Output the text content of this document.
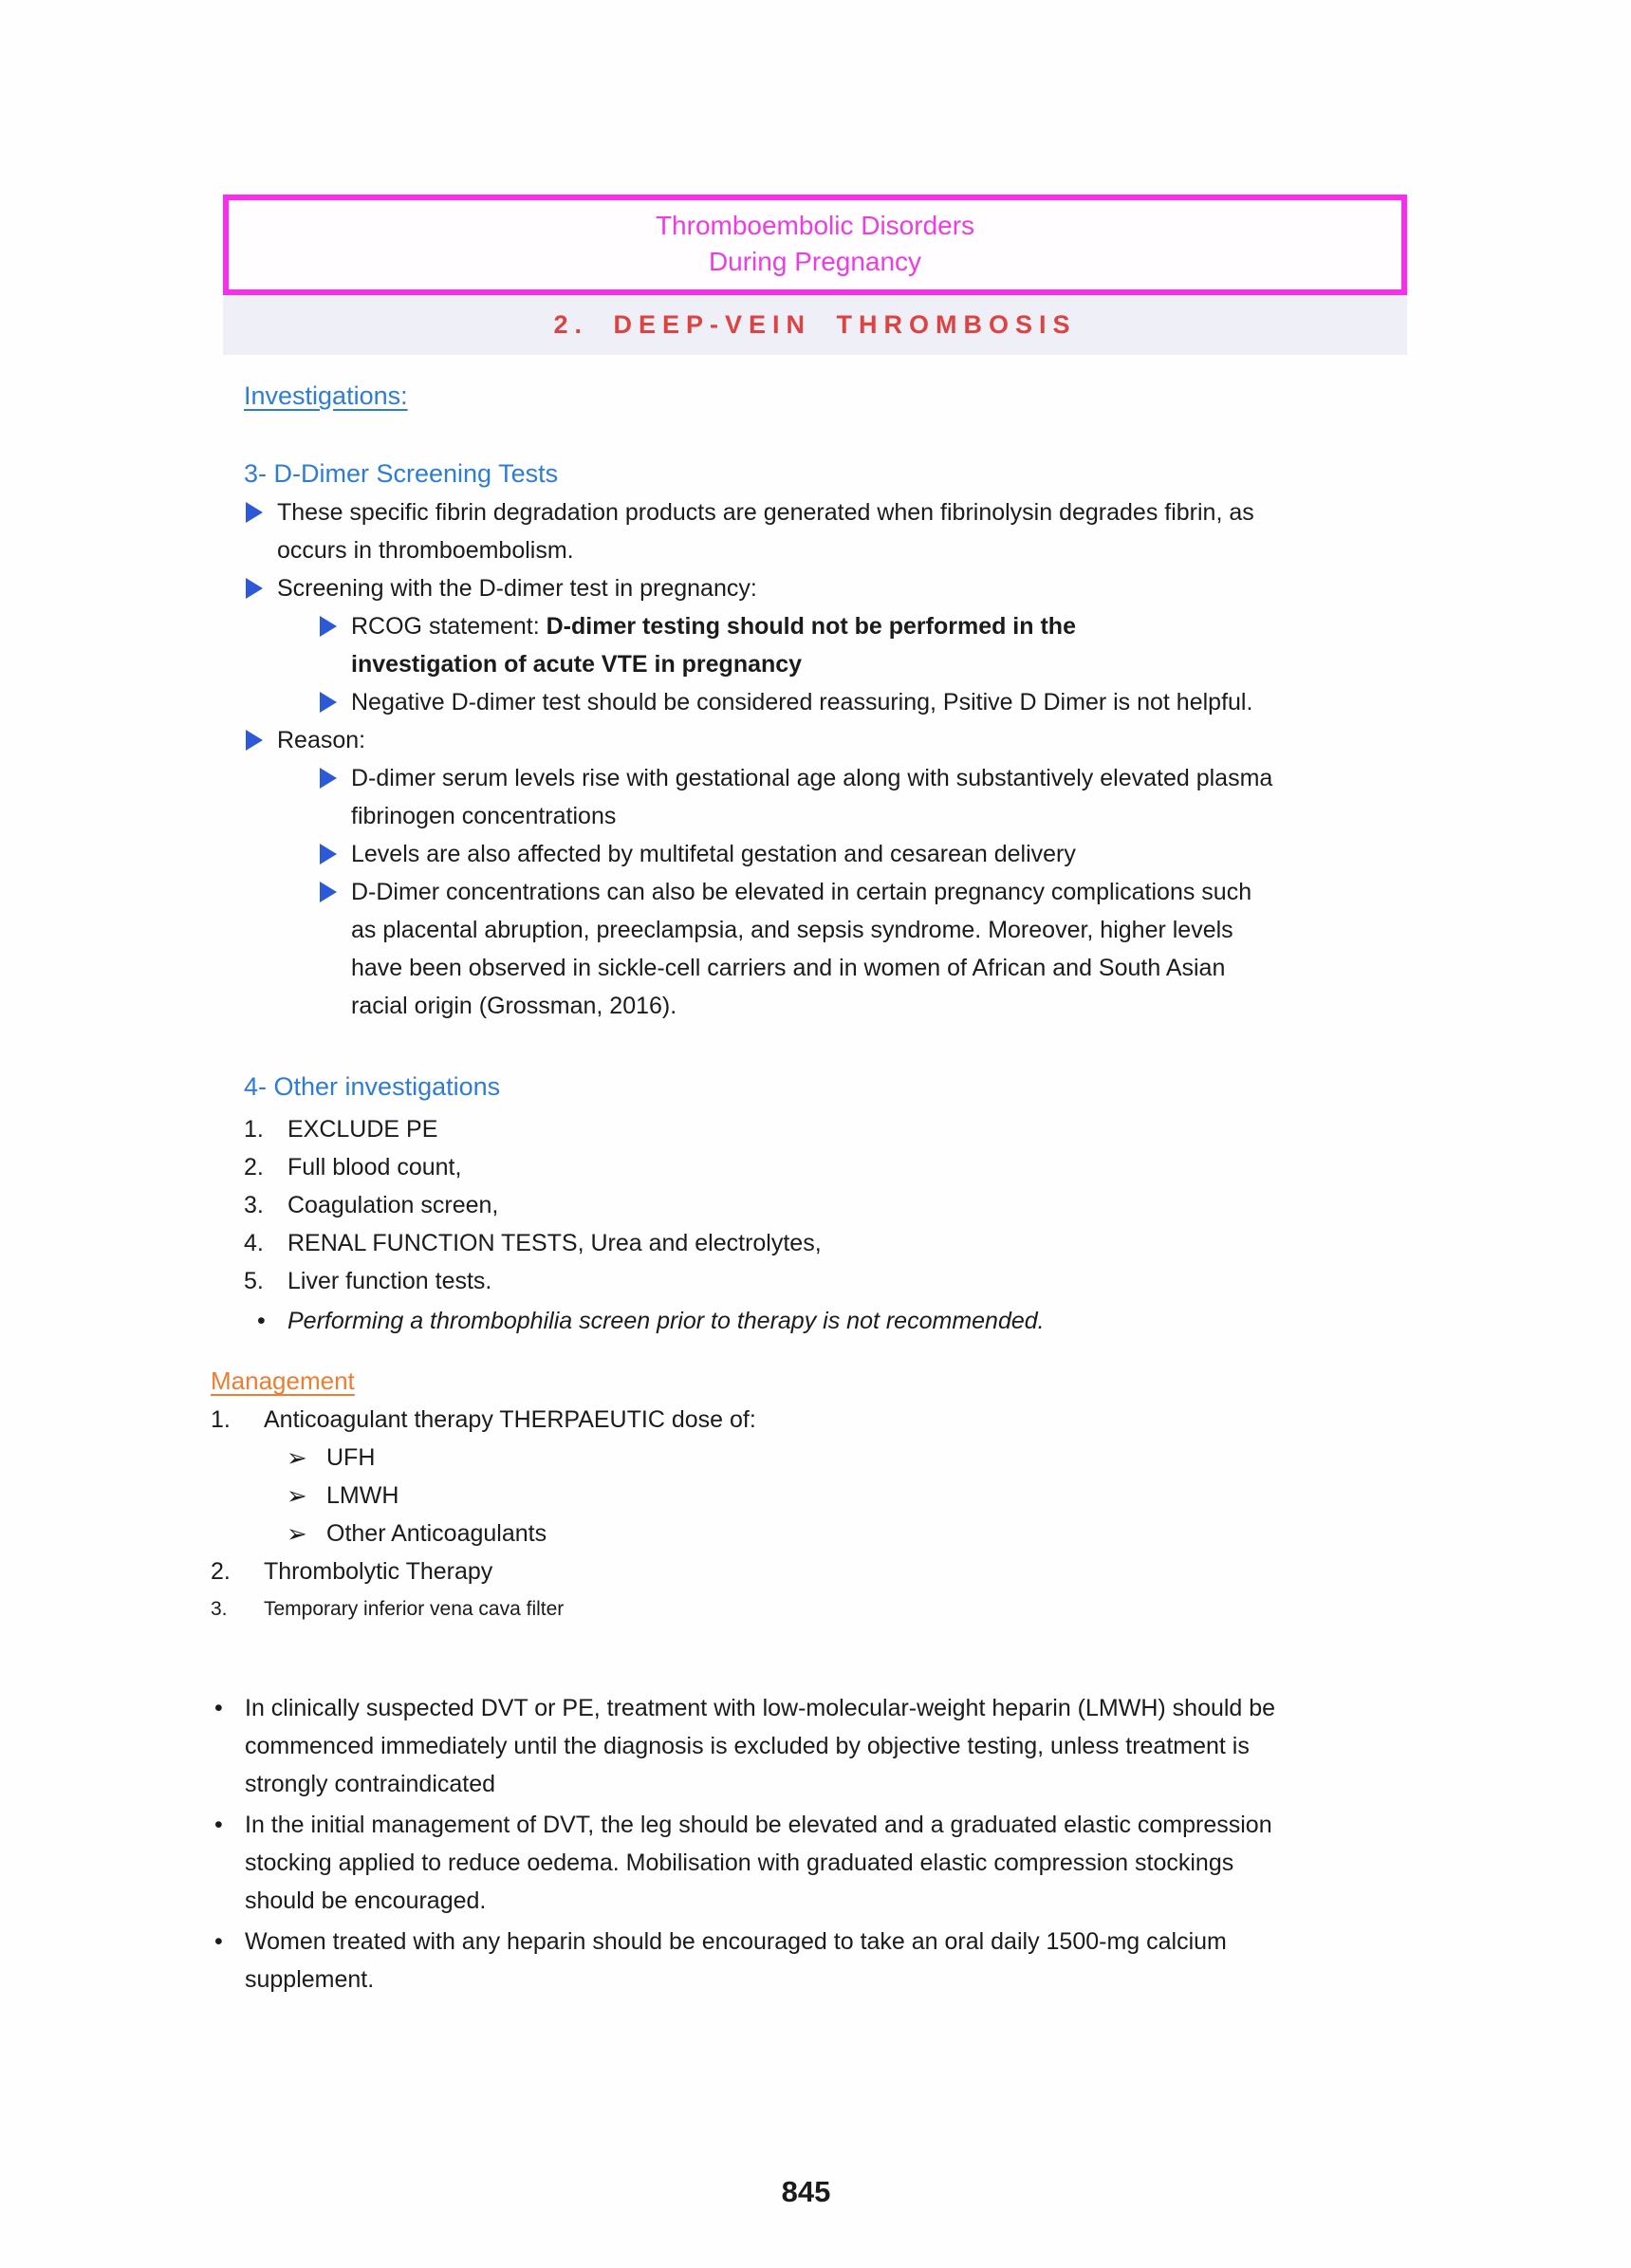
Thromboembolic Disorders
During Pregnancy
2. DEEP-VEIN THROMBOSIS
Investigations:
3- D-Dimer Screening Tests

These specific fibrin degradation products are generated when fibrinolysin degrades fibrin, as occurs in thromboembolism.

Screening with the D-dimer test in pregnancy:

RCOG statement: D-dimer testing should not be performed in the investigation of acute VTE in pregnancy

Negative D-dimer test should be considered reassuring, Psitive D Dimer is not helpful.

Reason:

D-dimer serum levels rise with gestational age along with substantively elevated plasma fibrinogen concentrations

Levels are also affected by multifetal gestation and cesarean delivery

D-Dimer concentrations can also be elevated in certain pregnancy complications such as placental abruption, preeclampsia, and sepsis syndrome. Moreover, higher levels have been observed in sickle-cell carriers and in women of African and South Asian racial origin (Grossman, 2016).

4- Other investigations
1.	EXCLUDE PE

2.	Full blood count,

3.	Coagulation screen,

4.	RENAL FUNCTION TESTS, Urea and electrolytes,

5.	Liver function tests.

• Performing a thrombophilia screen prior to therapy is not recommended.

Management
1.	Anticoagulant therapy THERPAEUTIC dose of:

➢ UFH

➢ LMWH

➢ Other Anticoagulants

2.	Thrombolytic Therapy

3.	Temporary inferior vena cava filter

• In clinically suspected DVT or PE, treatment with low-molecular-weight heparin (LMWH) should be commenced immediately until the diagnosis is excluded by objective testing, unless treatment is strongly contraindicated

• In the initial management of DVT, the leg should be elevated and a graduated elastic compression stocking applied to reduce oedema. Mobilisation with graduated elastic compression stockings should be encouraged.

• Women treated with any heparin should be encouraged to take an oral daily 1500-mg calcium supplement.

845
